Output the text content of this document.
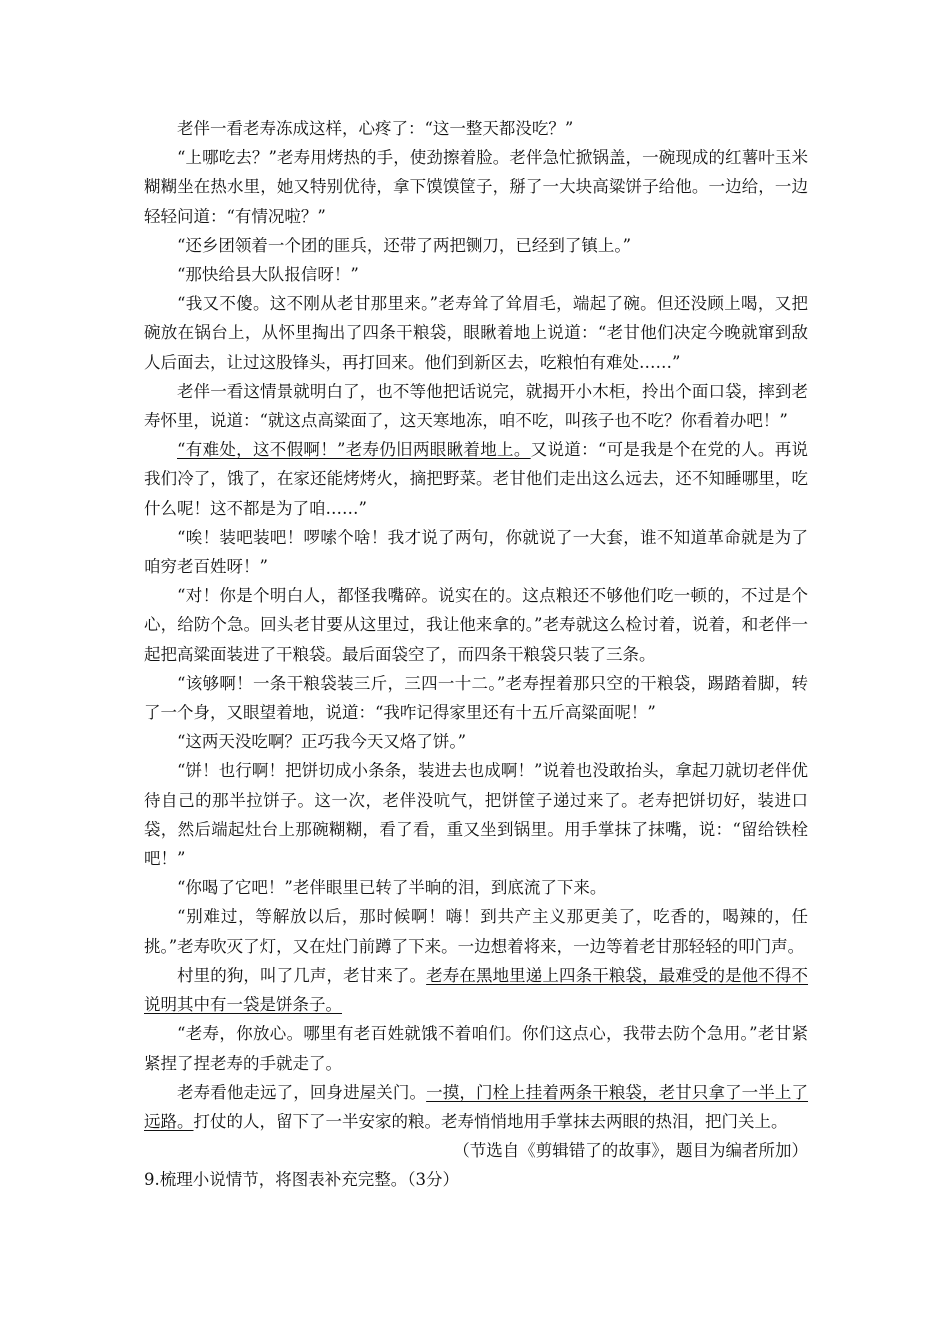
老伴一看老寿冻成这样，心疼了：“这一整天都没吃？”

“上哪吃去？”老寿用烤热的手，使劲擦着脸。老伴急忙掀锅盖，一碗现成的红薯叶玉米糊糊坐在热水里，她又特别优待，拿下馍馍筐子，掰了一大块高粱饼子给他。一边给，一边轻轻问道：“有情况啦？”

“还乡团领着一个团的匪兵，还带了两把铡刀，已经到了镇上。”

“那快给县大队报信呀！”

“我又不傻。这不刚从老甘那里来。”老寿耸了耸眉毛，端起了碗。但还没顾上喝，又把碗放在锅台上，从怀里掏出了四条干粮袋，眼瞅着地上说道：“老甘他们决定今晚就窜到敌人后面去，让过这股锋头，再打回来。他们到新区去，吃粮怕有难处……”

老伴一看这情景就明白了，也不等他把话说完，就揭开小木柜，拎出个面口袋，摔到老寿怀里，说道：“就这点高粱面了，这天寒地冻，咱不吃，叫孩子也不吃？你看着办吧！”

“有难处，这不假啊！”老寿仍旧两眼瞅着地上。又说道：“可是我是个在党的人。再说我们冷了，饿了，在家还能烤烤火，摘把野菜。老甘他们走出这么远去，还不知睡哪里，吃什么呢！这不都是为了咱……”

“唉！装吧装吧！啰嗦个啥！我才说了两句，你就说了一大套，谁不知道革命就是为了咱穷老百姓呀！”

“对！你是个明白人，都怪我嘴碎。说实在的。这点粮还不够他们吃一顿的，不过是个心，给防个急。回头老甘要从这里过，我让他来拿的。”老寿就这么检讨着，说着，和老伴一起把高粱面装进了干粮袋。最后面袋空了，而四条干粮袋只装了三条。

“该够啊！一条干粮袋装三斤，三四一十二。”老寿捏着那只空的干粮袋，踢踏着脚，转了一个身，又眼望着地，说道：“我咋记得家里还有十五斤高粱面呢！”

“这两天没吃啊？正巧我今天又烙了饼。”

“饼！也行啊！把饼切成小条条，装进去也成啊！”说着也没敢抬头，拿起刀就切老伴优待自己的那半拉饼子。这一次，老伴没吭气，把饼筐子递过来了。老寿把饼切好，装进口袋，然后端起灶台上那碗糊糊，看了看，重又坐到锅里。用手掌抹了抹嘴，说：“留给铁栓吧！”

“你喝了它吧！”老伴眼里已转了半晌的泪，到底流了下来。

“别难过，等解放以后，那时候啊！嗨！到共产主义那更美了，吃香的，喝辣的，任挑。”老寿吹灭了灯，又在灶门前蹲了下来。一边想着将来，一边等着老甘那轻轻的叩门声。

村里的狗，叫了几声，老甘来了。老寿在黑地里递上四条干粮袋，最难受的是他不得不说明其中有一袋是饼条子。

“老寿，你放心。哪里有老百姓就饿不着咱们。你们这点心，我带去防个急用。”老甘紧紧捏了捏老寿的手就走了。

老寿看他走远了，回身进屋关门。一摸，门栓上挂着两条干粮袋，老甘只拿了一半上了远路。打仗的人，留下了一半安家的粮。老寿悄悄地用手掌抹去两眼的热泪，把门关上。

（节选自《剪辑错了的故事》，题目为编者所加）

9.梳理小说情节，将图表补充完整。（3分）
